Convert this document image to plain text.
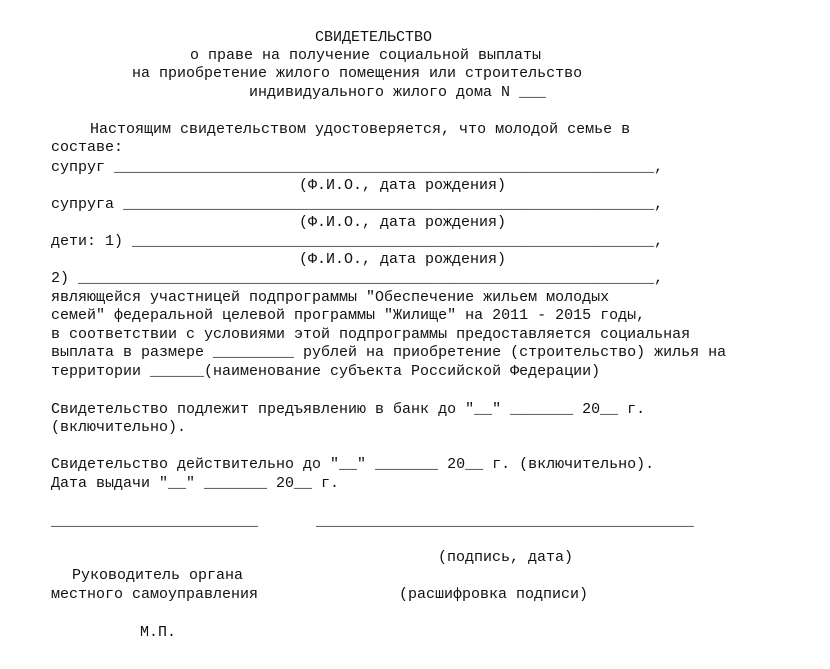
СВИДЕТЕЛЬСТВО

о праве на получение социальной выплаты

на приобретение жилого помещения или строительство

индивидуального жилого дома N ___

Настоящим свидетельством удостоверяется, что молодой семье в

составе:

супруг ____________________________________________________________,

(Ф.И.О., дата рождения)

супруга ___________________________________________________________,

(Ф.И.О., дата рождения)

дети: 1) __________________________________________________________,

(Ф.И.О., дата рождения)

2) ________________________________________________________________,

являющейся участницей подпрограммы "Обеспечение жильем молодых

семей" федеральной целевой программы "Жилище" на 2011 - 2015 годы,

в соответствии с условиями этой подпрограммы предоставляется социальная

выплата в размере _________ рублей на приобретение (строительство) жилья на

территории ______(наименование субъекта Российской Федерации)

Свидетельство подлежит предъявлению в банк до "__" _______ 20__ г.

(включительно).

Свидетельство действительно до "__" _______ 20__ г. (включительно).

Дата выдачи "__" _______ 20__ г.

_______________________	__________________________________________

(подпись, дата)

Руководитель органа

местного самоуправления	(расшифровка подписи)

М.П.
